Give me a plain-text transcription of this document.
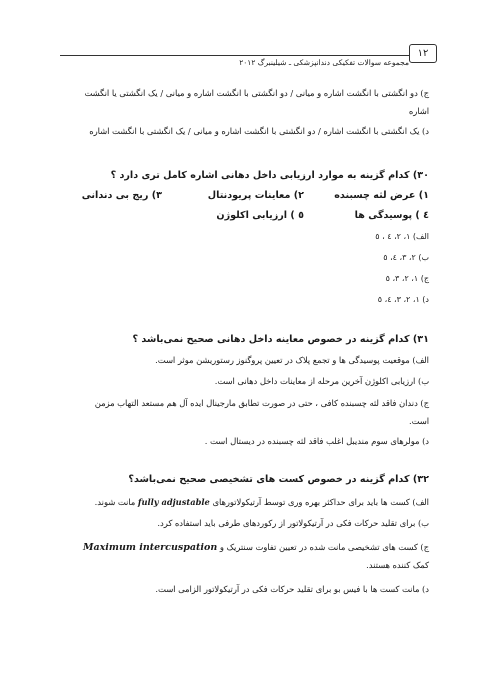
۱۲
مجموعه سوالات تفکیکی دندانپزشکی ـ شیلینبرگ ۲۰۱۲
ج) دو انگشتی با انگشت اشاره و میانی / دو انگشتی با انگشت اشاره و میانی / یک انگشتی یا انگشت
اشاره
د) یک انگشتی با انگشت اشاره / دو انگشتی با انگشت اشاره و میانی / یک انگشتی با انگشت اشاره
۳۰) کدام گزینه به موارد ارزیابی داخل دهانی اشاره کامل تری دارد ؟
۱) عرض لثه چسبنده
۲) معاینات پریودنتال
۳) ریج بی دندانی
٤ ) پوسیدگی ها
٥ ) ارزیابی اکلوژن
الف) ۱، ۲، ٤ ، ٥
ب) ۲، ۳، ٤، ٥
ج) ۱، ۲، ۳، ٥
د) ۱، ۲، ۳، ٤، ٥
۳۱) کدام گزینه در خصوص معاینه داخل دهانی صحیح نمی‌باشد ؟
الف) موقعیت پوسیدگی ها و تجمع پلاک در تعیین پروگنوز رستوریشن موثر است.
ب) ارزیابی اکلوژن آخرین مرحله از معاینات داخل دهانی است.
ج) دندان فاقد لثه چسبنده کافی ، حتی در صورت تطابق مارجینال ایده آل هم مستعد التهاب مزمن
است.
د) مولرهای سوم مندیبل اغلب فاقد لثه چسبنده در دیستال است .
۳۲) کدام گزینه در خصوص کست های تشخیصی صحیح نمی‌باشد؟
الف) کست ها باید برای حداکثر بهره وری توسط آرتیکولاتورهای fully adjustable مانت شوند.
ب) برای تقلید حرکات فکی در آرتیکولاتور از رکوردهای طرفی باید استفاده کرد.
ج) کست های تشخیصی مانت شده در تعیین تفاوت سنتریک و Maximum intercuspation
کمک کننده هستند.
د) مانت کست ها با فیس بو برای تقلید حرکات فکی در آرتیکولاتور الزامی است.
